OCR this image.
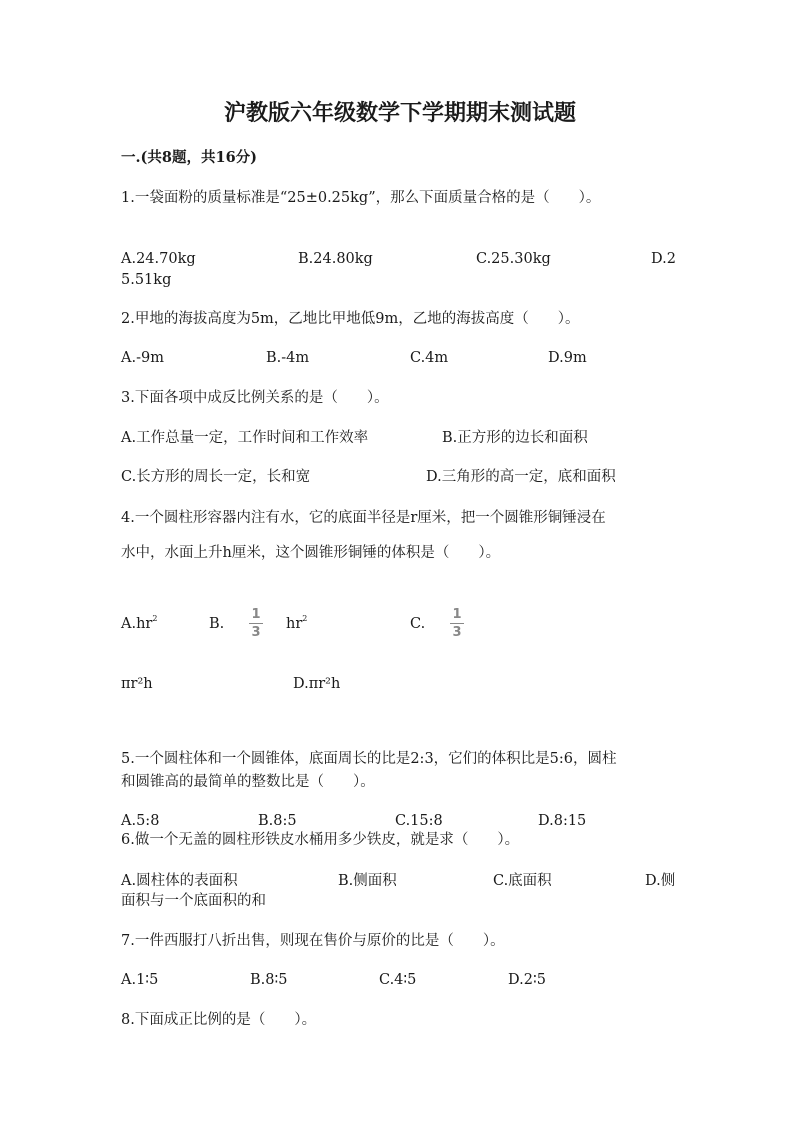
沪教版六年级数学下学期期末测试题
一.(共8题，共16分)
1.一袋面粉的质量标准是“25±0.25kg”，那么下面质量合格的是（　　）。
A.24.70kg	B.24.80kg	C.25.30kg	D.2
5.51kg
2.甲地的海拔高度为5m，乙地比甲地低9m，乙地的海拔高度（　　）。
A.-9m	B.-4m	C.4m	D.9m
3.下面各项中成反比例关系的是（　　）。
A.工作总量一定，工作时间和工作效率	B.正方形的边长和面积
C.长方形的周长一定，长和宽	D.三角形的高一定，底和面积
4.一个圆柱形容器内注有水，它的底面半径是r厘米，把一个圆锥形铜锤浸在
水中，水面上升h厘米，这个圆锥形铜锤的体积是（　　）。
$A.hr^2$	B.
1
3
$hr^2$	C.
1
3
πr²h	D.πr²h
5.一个圆柱体和一个圆锥体，底面周长的比是2:3，它们的体积比是5:6，圆柱
和圆锥高的最简单的整数比是（　　）。
A.5:8	B.8:5	C.15:8	D.8:15
6.做一个无盖的圆柱形铁皮水桶用多少铁皮，就是求（　　）。
A.圆柱体的表面积	B.侧面积	C.底面积	D.侧
面积与一个底面积的和
7.一件西服打八折出售，则现在售价与原价的比是（　　）。
A.1∶5	B.8∶5	C.4∶5	D.2∶5
8.下面成正比例的是（　　）。
